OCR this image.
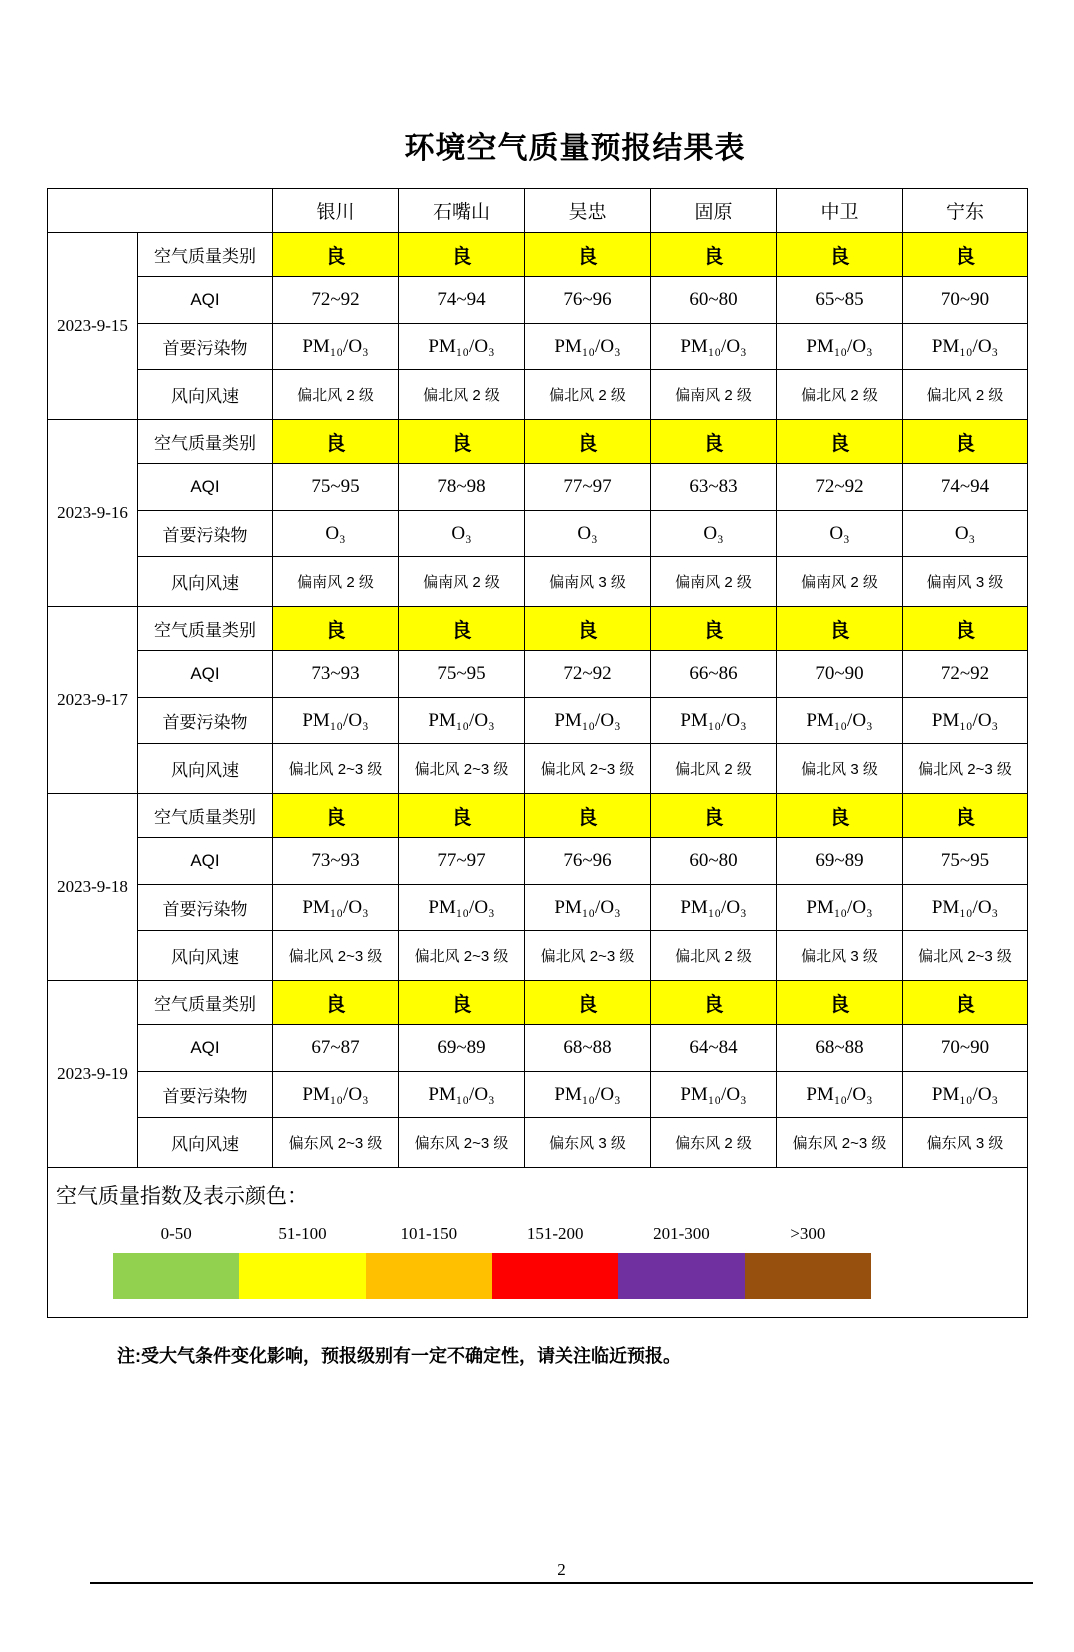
环境空气质量预报结果表
		银川	石嘴山	吴忠	固原	中卫	宁东
2023-9-15	空气质量类别	良	良	良	良	良	良
	AQI	72~92	74~94	76~96	60~80	65~85	70~90
	首要污染物	PM₁₀/O₃	PM₁₀/O₃	PM₁₀/O₃	PM₁₀/O₃	PM₁₀/O₃	PM₁₀/O₃
	风向风速	偏北风 2 级	偏北风 2 级	偏北风 2 级	偏南风 2 级	偏北风 2 级	偏北风 2 级
2023-9-16	空气质量类别	良	良	良	良	良	良
	AQI	75~95	78~98	77~97	63~83	72~92	74~94
	首要污染物	O₃	O₃	O₃	O₃	O₃	O₃
	风向风速	偏南风 2 级	偏南风 2 级	偏南风 3 级	偏南风 2 级	偏南风 2 级	偏南风 3 级
2023-9-17	空气质量类别	良	良	良	良	良	良
	AQI	73~93	75~95	72~92	66~86	70~90	72~92
	首要污染物	PM₁₀/O₃	PM₁₀/O₃	PM₁₀/O₃	PM₁₀/O₃	PM₁₀/O₃	PM₁₀/O₃
	风向风速	偏北风 2~3 级	偏北风 2~3 级	偏北风 2~3 级	偏北风 2 级	偏北风 3 级	偏北风 2~3 级
2023-9-18	空气质量类别	良	良	良	良	良	良
	AQI	73~93	77~97	76~96	60~80	69~89	75~95
	首要污染物	PM₁₀/O₃	PM₁₀/O₃	PM₁₀/O₃	PM₁₀/O₃	PM₁₀/O₃	PM₁₀/O₃
	风向风速	偏北风 2~3 级	偏北风 2~3 级	偏北风 2~3 级	偏北风 2 级	偏北风 3 级	偏北风 2~3 级
2023-9-19	空气质量类别	良	良	良	良	良	良
	AQI	67~87	69~89	68~88	64~84	68~88	70~90
	首要污染物	PM₁₀/O₃	PM₁₀/O₃	PM₁₀/O₃	PM₁₀/O₃	PM₁₀/O₃	PM₁₀/O₃
	风向风速	偏东风 2~3 级	偏东风 2~3 级	偏东风 3 级	偏东风 2 级	偏东风 2~3 级	偏东风 3 级

空气质量指数及表示颜色：
0-50	51-100	101-150	151-200	201-300	>300
注:受大气条件变化影响，预报级别有一定不确定性，请关注临近预报。
2
